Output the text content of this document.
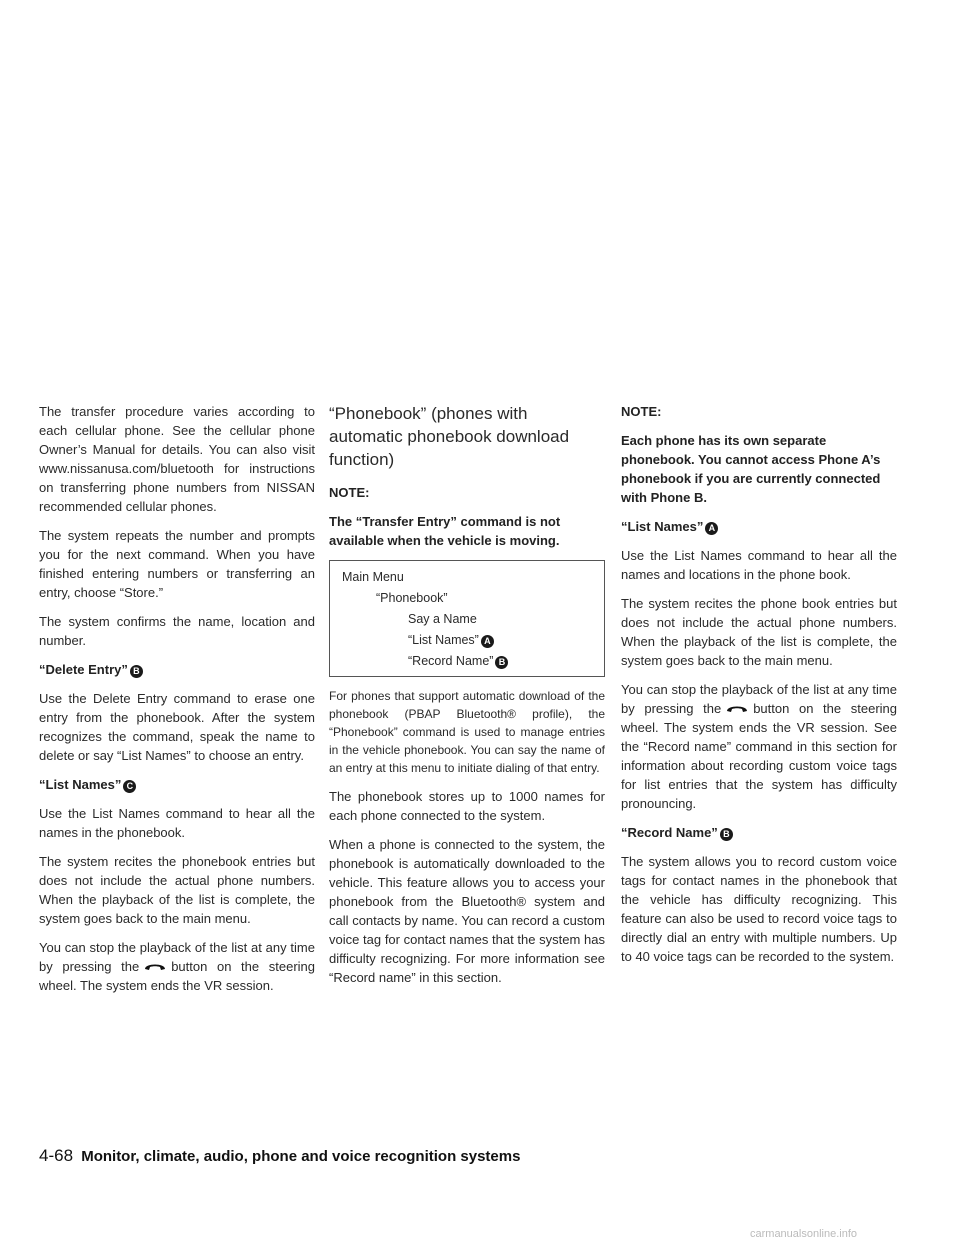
The transfer procedure varies according to each cellular phone. See the cellular phone Owner’s Manual for details. You can also visit www.nissanusa.com/bluetooth for instructions on transferring phone numbers from NISSAN recommended cellular phones.

The system repeats the number and prompts you for the next command. When you have finished entering numbers or transferring an entry, choose “Store.”

The system confirms the name, location and number.

“Delete Entry” B

Use the Delete Entry command to erase one entry from the phonebook. After the system recognizes the command, speak the name to delete or say “List Names” to choose an entry.

“List Names” C

Use the List Names command to hear all the names in the phonebook.

The system recites the phonebook entries but does not include the actual phone numbers. When the playback of the list is complete, the system goes back to the main menu.

You can stop the playback of the list at any time by pressing the button on the steering wheel. The system ends the VR session.

“Phonebook” (phones with automatic phonebook download function)
NOTE:
The “Transfer Entry” command is not available when the vehicle is moving.
Main Menu
“Phonebook”
Say a Name
“List Names” A
“Record Name” B

For phones that support automatic download of the phonebook (PBAP Bluetooth® profile), the “Phonebook” command is used to manage entries in the vehicle phonebook. You can say the name of an entry at this menu to initiate dialing of that entry.

The phonebook stores up to 1000 names for each phone connected to the system.

When a phone is connected to the system, the phonebook is automatically downloaded to the vehicle. This feature allows you to access your phonebook from the Bluetooth® system and call contacts by name. You can record a custom voice tag for contact names that the system has difficulty recognizing. For more information see “Record name” in this section.

NOTE:
Each phone has its own separate phonebook. You cannot access Phone A’s phonebook if you are currently connected with Phone B.
“List Names” A

Use the List Names command to hear all the names and locations in the phone book.

The system recites the phone book entries but does not include the actual phone numbers. When the playback of the list is complete, the system goes back to the main menu.

You can stop the playback of the list at any time by pressing the button on the steering wheel. The system ends the VR session. See the “Record name” command in this section for information about recording custom voice tags for list entries that the system has difficulty pronouncing.

“Record Name” B

The system allows you to record custom voice tags for contact names in the phonebook that the vehicle has difficulty recognizing. This feature can also be used to record voice tags to directly dial an entry with multiple numbers. Up to 40 voice tags can be recorded to the system.

4-68 Monitor, climate, audio, phone and voice recognition systems
carmanualsonline.info
